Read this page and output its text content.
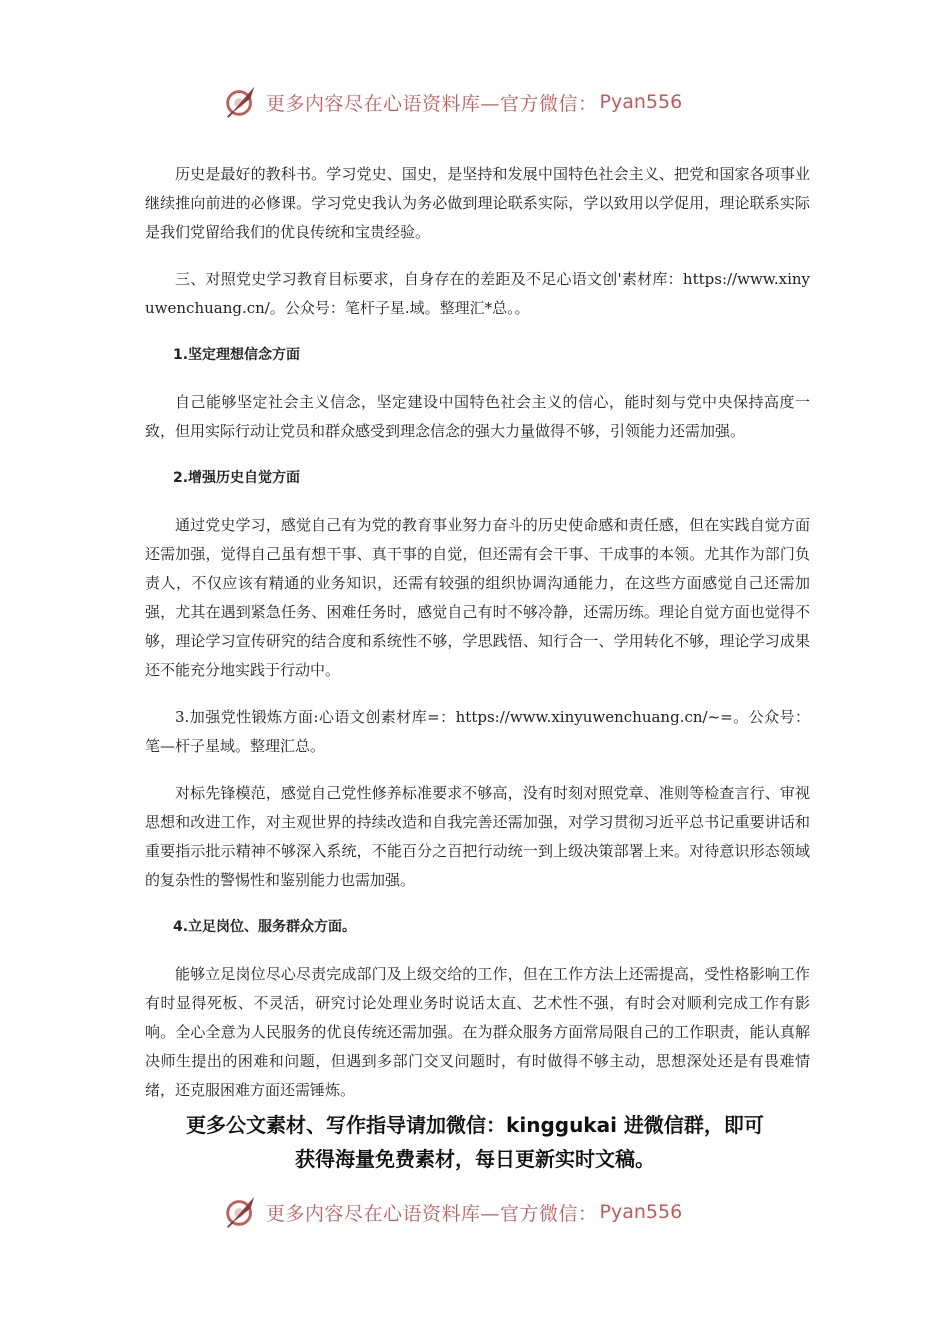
更多内容尽在心语资料库—官方微信： Pyan556

历史是最好的教科书。学习党史、国史，是坚持和发展中国特色社会主义、把党和国家各项事业继续推向前进的必修课。学习党史我认为务必做到理论联系实际，学以致用以学促用，理论联系实际是我们党留给我们的优良传统和宝贵经验。

三、对照党史学习教育目标要求，自身存在的差距及不足心语文创'素材库：https://www.xinyuwenchuang.cn/。公众号：笔杆子星.域。整理汇*总。。

1.坚定理想信念方面

自己能够坚定社会主义信念，坚定建设中国特色社会主义的信心，能时刻与党中央保持高度一致，但用实际行动让党员和群众感受到理念信念的强大力量做得不够，引领能力还需加强。

2.增强历史自觉方面

通过党史学习，感觉自己有为党的教育事业努力奋斗的历史使命感和责任感，但在实践自觉方面还需加强，觉得自己虽有想干事、真干事的自觉，但还需有会干事、干成事的本领。尤其作为部门负责人，不仅应该有精通的业务知识，还需有较强的组织协调沟通能力，在这些方面感觉自己还需加强，尤其在遇到紧急任务、困难任务时，感觉自己有时不够冷静，还需历练。理论自觉方面也觉得不够，理论学习宣传研究的结合度和系统性不够，学思践悟、知行合一、学用转化不够，理论学习成果还不能充分地实践于行动中。

3.加强党性锻炼方面:心语文创素材库=：https://www.xinyuwenchuang.cn/~=。公众号：笔—杆子星域。整理汇总。

对标先锋模范，感觉自己党性修养标准要求不够高，没有时刻对照党章、准则等检查言行、审视思想和改进工作，对主观世界的持续改造和自我完善还需加强，对学习贯彻习近平总书记重要讲话和重要指示批示精神不够深入系统，不能百分之百把行动统一到上级决策部署上来。对待意识形态领域的复杂性的警惕性和鉴别能力也需加强。

4.立足岗位、服务群众方面。

能够立足岗位尽心尽责完成部门及上级交给的工作，但在工作方法上还需提高，受性格影响工作有时显得死板、不灵活，研究讨论处理业务时说话太直、艺术性不强，有时会对顺利完成工作有影响。全心全意为人民服务的优良传统还需加强。在为群众服务方面常局限自己的工作职责，能认真解决师生提出的困难和问题，但遇到多部门交叉问题时，有时做得不够主动，思想深处还是有畏难情绪，还克服困难方面还需锤炼。

更多公文素材、写作指导请加微信：kinggukai 进微信群，即可
获得海量免费素材，每日更新实时文稿。
更多内容尽在心语资料库—官方微信： Pyan556
